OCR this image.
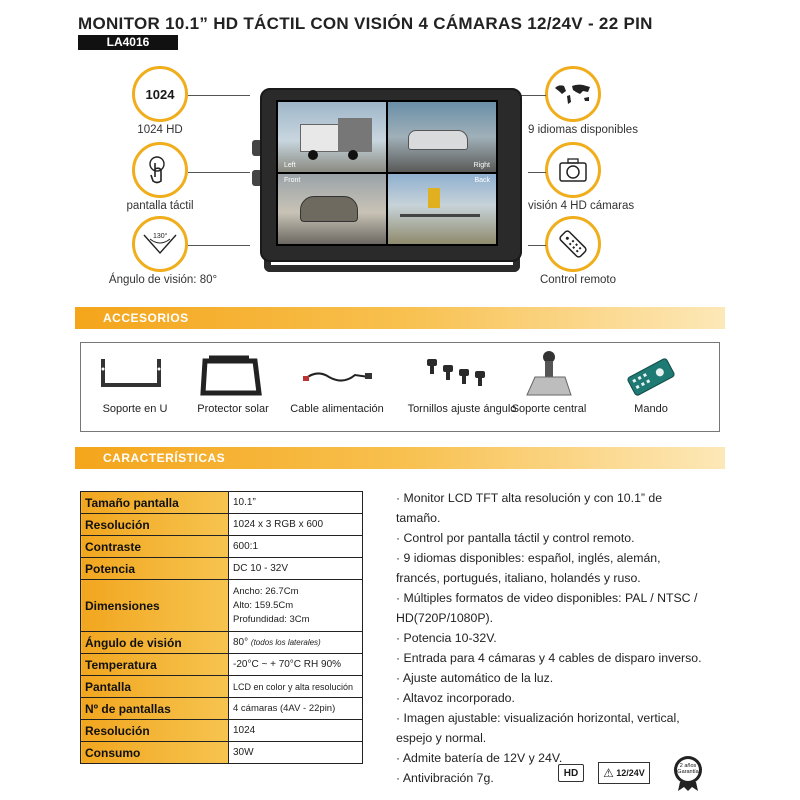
MONITOR 10.1” HD TÁCTIL CON VISIÓN 4 CÁMARAS 12/24V - 22 PIN
LA4016
1024
1024 HD
pantalla táctil
130°
Ángulo de visión: 80°
9 idiomas disponibles
visión 4 HD cámaras
Control remoto
Left	Right
Front	Back
ACCESORIOS
Soporte en U	Protector solar	Cable alimentación Tornillos ajuste ángulo
Soporte central	Mando
CARACTERÍSTICAS
Tamaño pantalla	10.1”
Resolución	1024 x 3 RGB x 600
Contraste	600:1
Potencia	DC 10 - 32V
Dimensiones	Ancho: 26.7Cm
Alto: 159.5Cm
Profundidad: 3Cm

Ángulo de visión	80° (todos los laterales)
Temperatura	-20°C ~ + 70°C RH 90%
Pantalla	LCD en color y alta resolución
Nº de pantallas	4 cámaras (4AV - 22pin)
Resolución	1024
Consumo	30W

· Monitor LCD TFT alta resolución y con 10.1” de tamaño.

· Control por pantalla táctil y control remoto.

· 9 idiomas disponibles: español, inglés, alemán, francés, portugués, italiano, holandés y ruso.

· Múltiples formatos de video disponibles: PAL / NTSC / HD(720P/1080P).

· Potencia 10-32V.

· Entrada para 4 cámaras y 4 cables de disparo inverso.

· Ajuste automático de la luz.

· Altavoz incorporado.

· Imagen ajustable: visualización horizontal, vertical, espejo y normal.

· Admite batería de 12V y 24V.

· Antivibración 7g.	HD ⚠ 12/24V
2 años Garantía
